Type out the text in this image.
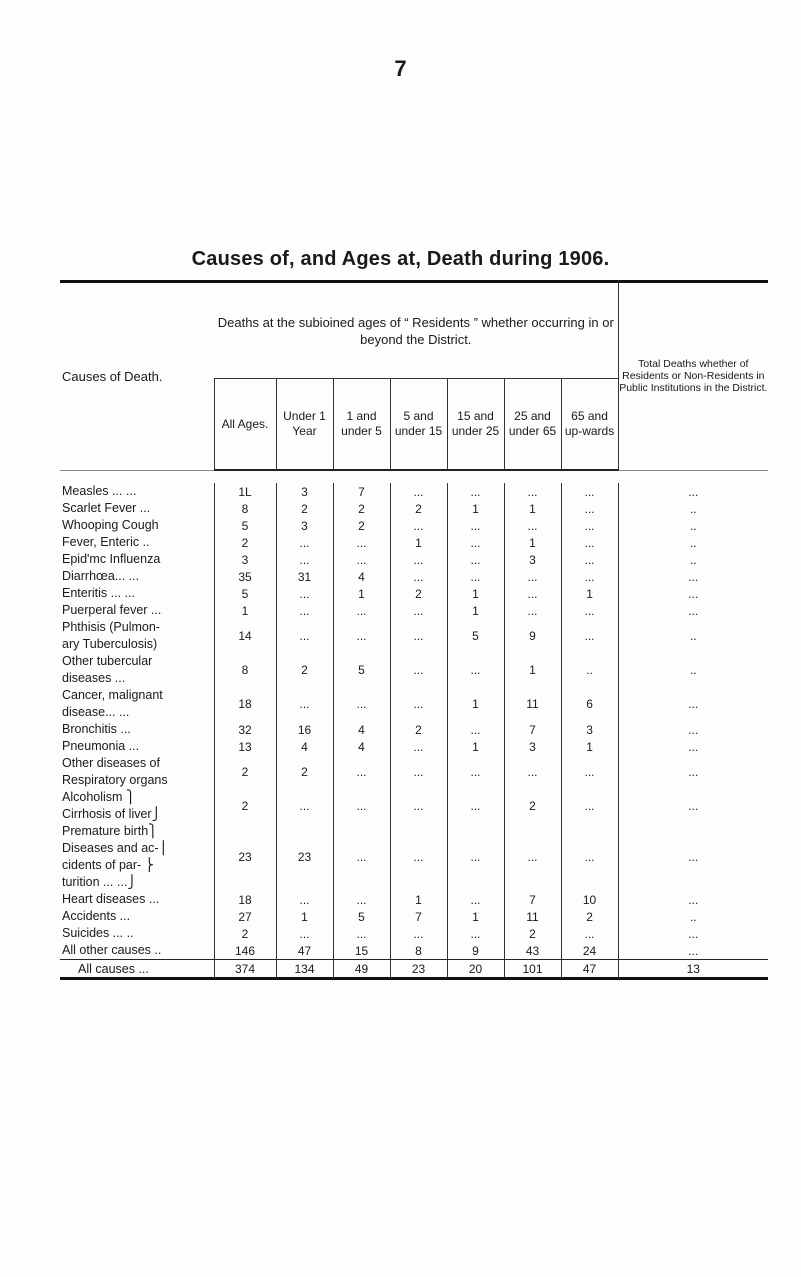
7
Causes of, and Ages at, Death during 1906.
Causes of Death.	Deaths at the subioined ages of “ Residents ” whether occurring in or beyond the District.							Total Deaths whether of Residents or Non-Residents in Public Institutions in the District.
	All Ages.	Under 1 Year	1 and under 5	5 and under 15	15 and under 25	25 and under 65	65 and up-wards	

Measles ... ...	1L	3	7	...	...	...	...	...

Scarlet Fever ...	8	2	2	2	1	1	...	..

Whooping Cough	5	3	2	...	...	...	...	..

Fever, Enteric ..	2	...	...	1	...	1	...	..

Epid'mc Influenza	3	...	...	...	...	3	...	..

Diarrhœa... ...	35	31	4	...	...	...	...	...

Enteritis ... ...	5	...	1	2	1	...	1	...

Puerperal fever ...	1	...	...	...	1	...	...	...

Phthisis (Pulmon-
ary Tuberculosis)	14	...	...	...	5	9	...	..

Other tubercular
diseases ...	8	2	5	...	...	1	..	..

Cancer, malignant
disease... ...	18	...	...	...	1	11	6	...

Bronchitis ...	32	16	4	2	...	7	3	...

Pneumonia ...	13	4	4	...	1	3	1	...

Other diseases of
Respiratory organs	2	2	...	...	...	...	...	...

Alcoholism ⎫
Cirrhosis of liver⎭	2	...	...	...	...	2	...	...

Premature birth⎫
Diseases and ac-⎪
cidents of par- ⎬
turition ... ...⎭	23	23	...	...	...	...	...	...

Heart diseases ...	18	...	...	1	...	7	10	...

Accidents ...	27	1	5	7	1	11	2	..

Suicides ... ..	2	...	...	...	...	2	...	...

All other causes ..	146	47	15	8	9	43	24	...
All causes ...	374	134	49	23	20	101	47	13
